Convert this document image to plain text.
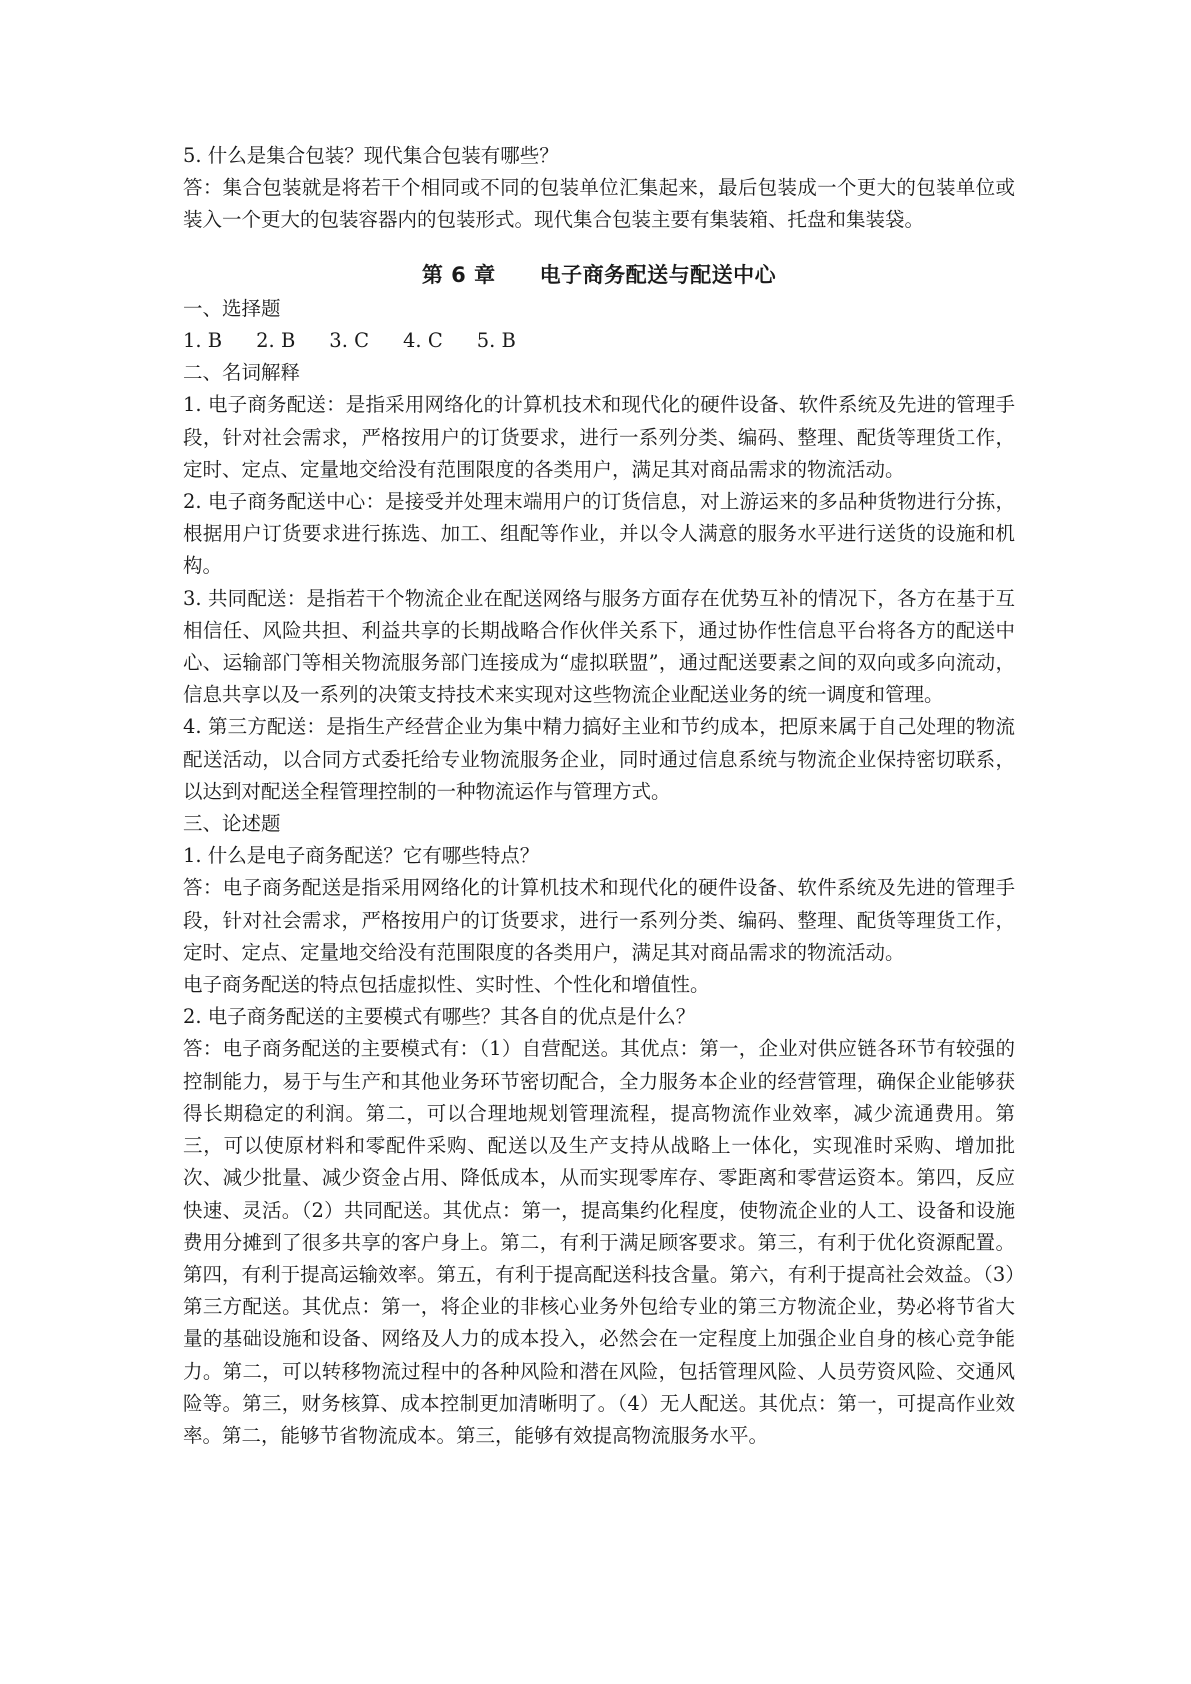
5. 什么是集合包装？现代集合包装有哪些？

答：集合包装就是将若干个相同或不同的包装单位汇集起来，最后包装成一个更大的包装单位或装入一个更大的包装容器内的包装形式。现代集合包装主要有集装箱、托盘和集装袋。

第 6 章 电子商务配送与配送中心

一、选择题

1. B 2. B 3. C 4. C 5. B

二、名词解释

1. 电子商务配送：是指采用网络化的计算机技术和现代化的硬件设备、软件系统及先进的管理手段，针对社会需求，严格按用户的订货要求，进行一系列分类、编码、整理、配货等理货工作，定时、定点、定量地交给没有范围限度的各类用户，满足其对商品需求的物流活动。

2. 电子商务配送中心：是接受并处理末端用户的订货信息，对上游运来的多品种货物进行分拣，根据用户订货要求进行拣选、加工、组配等作业，并以令人满意的服务水平进行送货的设施和机构。

3. 共同配送：是指若干个物流企业在配送网络与服务方面存在优势互补的情况下，各方在基于互相信任、风险共担、利益共享的长期战略合作伙伴关系下，通过协作性信息平台将各方的配送中心、运输部门等相关物流服务部门连接成为“虚拟联盟”，通过配送要素之间的双向或多向流动，信息共享以及一系列的决策支持技术来实现对这些物流企业配送业务的统一调度和管理。

4. 第三方配送：是指生产经营企业为集中精力搞好主业和节约成本，把原来属于自己处理的物流配送活动，以合同方式委托给专业物流服务企业，同时通过信息系统与物流企业保持密切联系，以达到对配送全程管理控制的一种物流运作与管理方式。

三、论述题

1. 什么是电子商务配送？它有哪些特点？

答：电子商务配送是指采用网络化的计算机技术和现代化的硬件设备、软件系统及先进的管理手段，针对社会需求，严格按用户的订货要求，进行一系列分类、编码、整理、配货等理货工作，定时、定点、定量地交给没有范围限度的各类用户，满足其对商品需求的物流活动。

电子商务配送的特点包括虚拟性、实时性、个性化和增值性。

2. 电子商务配送的主要模式有哪些？其各自的优点是什么？

答：电子商务配送的主要模式有：（1）自营配送。其优点：第一，企业对供应链各环节有较强的控制能力，易于与生产和其他业务环节密切配合，全力服务本企业的经营管理，确保企业能够获得长期稳定的利润。第二，可以合理地规划管理流程，提高物流作业效率，减少流通费用。第三，可以使原材料和零配件采购、配送以及生产支持从战略上一体化，实现准时采购、增加批次、减少批量、减少资金占用、降低成本，从而实现零库存、零距离和零营运资本。第四，反应快速、灵活。（2）共同配送。其优点：第一，提高集约化程度，使物流企业的人工、设备和设施费用分摊到了很多共享的客户身上。第二，有利于满足顾客要求。第三，有利于优化资源配置。第四，有利于提高运输效率。第五，有利于提高配送科技含量。第六，有利于提高社会效益。（3）第三方配送。其优点：第一，将企业的非核心业务外包给专业的第三方物流企业，势必将节省大量的基础设施和设备、网络及人力的成本投入，必然会在一定程度上加强企业自身的核心竞争能力。第二，可以转移物流过程中的各种风险和潜在风险，包括管理风险、人员劳资风险、交通风险等。第三，财务核算、成本控制更加清晰明了。（4）无人配送。其优点：第一，可提高作业效率。第二，能够节省物流成本。第三，能够有效提高物流服务水平。
